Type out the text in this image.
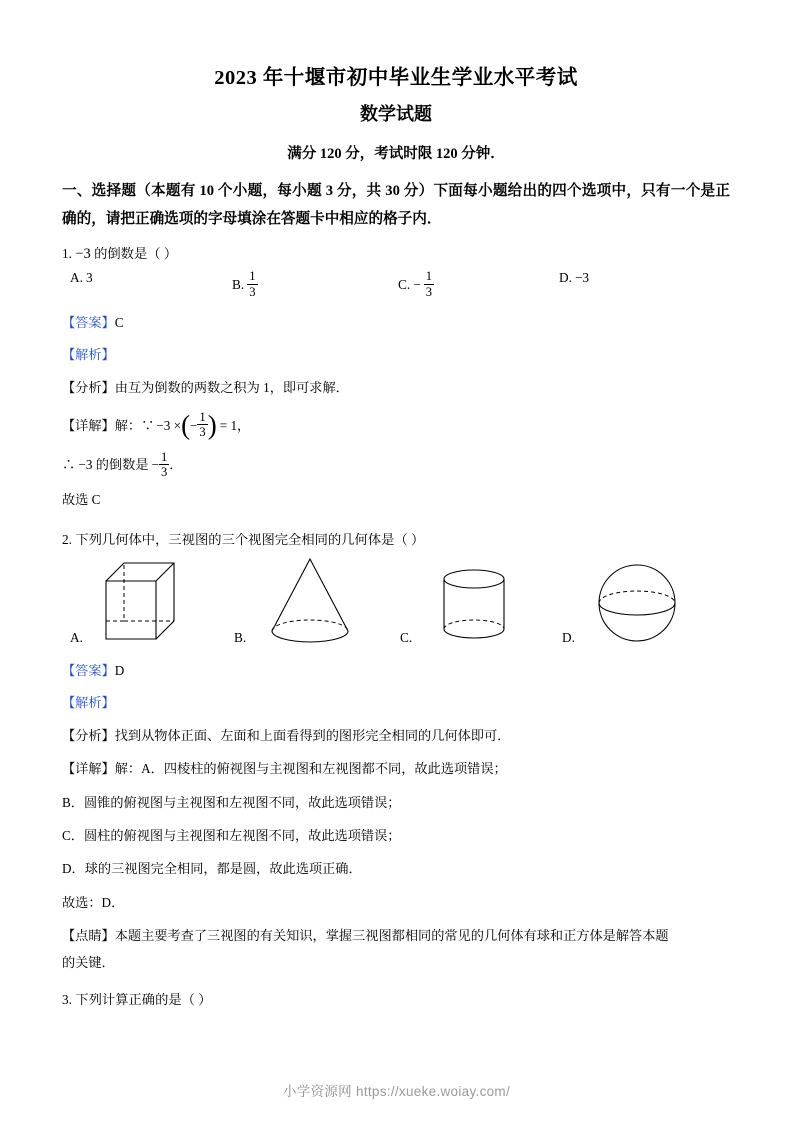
2023 年十堰市初中毕业生学业水平考试
数学试题
满分 120 分，考试时限 120 分钟．
一、选择题（本题有 10 个小题，每小题 3 分，共 30 分）下面每小题给出的四个选项中，只有一个是正确的，请把正确选项的字母填涂在答题卡中相应的格子内．
1. −3 的倒数是（ ）
A. 3	B. $\frac{1}{3}$	C. − $\frac{1}{3}$	D. −3
【答案】C
【解析】
【分析】由互为倒数的两数之积为 1，即可求解．
【详解】 解：∵ −3 × ( − $\frac{1}{3}$ ) = 1，
∴ −3 的倒数是 − $\frac{1}{3}$ ．
故选 C
2. 下列几何体中，三视图的三个视图完全相同的几何体是（ ）
A.	B.	C.	D.
【答案】D
【解析】
【分析】找到从物体正面、左面和上面看得到的图形完全相同的几何体即可．
【详解】解：A．四棱柱的俯视图与主视图和左视图都不同，故此选项错误；
B．圆锥的俯视图与主视图和左视图不同，故此选项错误；
C．圆柱的俯视图与主视图和左视图不同，故此选项错误；
D．球的三视图完全相同，都是圆，故此选项正确．
故选：D．
【点睛】本题主要考查了三视图的有关知识，掌握三视图都相同的常见的几何体有球和正方体是解答本题
的关键．
3. 下列计算正确的是（ ）
小学资源网 https://xueke.woiay.com/
